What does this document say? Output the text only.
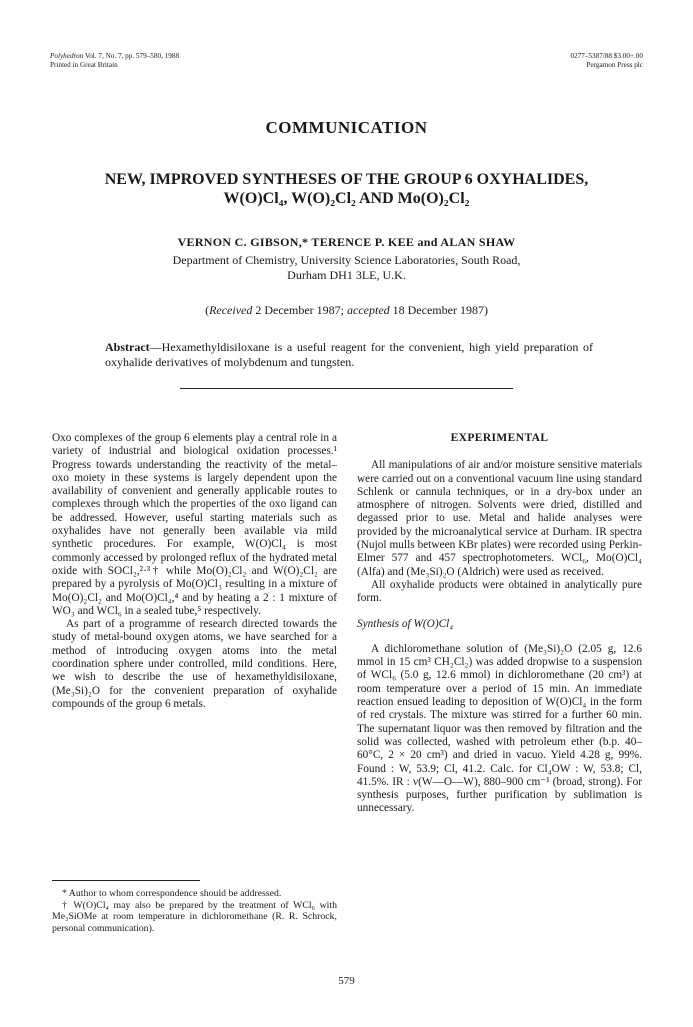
Polyhedron Vol. 7, No. 7, pp. 579–580, 1988
Printed in Great Britain
0277–5387/88 $3.00+.00
Pergamon Press plc
COMMUNICATION
NEW, IMPROVED SYNTHESES OF THE GROUP 6 OXYHALIDES,
W(O)Cl₄, W(O)₂Cl₂ AND Mo(O)₂Cl₂
VERNON C. GIBSON,* TERENCE P. KEE and ALAN SHAW
Department of Chemistry, University Science Laboratories, South Road,
Durham DH1 3LE, U.K.
(Received 2 December 1987; accepted 18 December 1987)
Abstract—Hexamethyldisiloxane is a useful reagent for the convenient, high yield preparation of oxyhalide derivatives of molybdenum and tungsten.

Oxo complexes of the group 6 elements play a central role in a variety of industrial and biological oxidation processes.¹ Progress towards understanding the reactivity of the metal–oxo moiety in these systems is largely dependent upon the availability of convenient and generally applicable routes to complexes through which the properties of the oxo ligand can be addressed. However, useful starting materials such as oxyhalides have not generally been available via mild synthetic procedures. For example, W(O)Cl₄ is most commonly accessed by prolonged reflux of the hydrated metal oxide with SOCl₂,²·³† while Mo(O)₂Cl₂ and W(O)₂Cl₂ are prepared by a pyrolysis of Mo(O)Cl₃ resulting in a mixture of Mo(O)₂Cl₂ and Mo(O)Cl₄,⁴ and by heating a 2 : 1 mixture of WO₃ and WCl₆ in a sealed tube,⁵ respectively.

As part of a programme of research directed towards the study of metal-bound oxygen atoms, we have searched for a method of introducing oxygen atoms into the metal coordination sphere under controlled, mild conditions. Here, we wish to describe the use of hexamethyldisiloxane, (Me₃Si)₂O for the convenient preparation of oxyhalide compounds of the group 6 metals.

* Author to whom correspondence should be addressed.

† W(O)Cl₄ may also be prepared by the treatment of WCl₆ with Me₃SiOMe at room temperature in dichloromethane (R. R. Schrock, personal communication).

EXPERIMENTAL

All manipulations of air and/or moisture sensitive materials were carried out on a conventional vacuum line using standard Schlenk or cannula techniques, or in a dry-box under an atmosphere of nitrogen. Solvents were dried, distilled and degassed prior to use. Metal and halide analyses were provided by the microanalytical service at Durham. IR spectra (Nujol mulls between KBr plates) were recorded using Perkin-Elmer 577 and 457 spectrophotometers. WCl₆, Mo(O)Cl₄ (Alfa) and (Me₃Si)₂O (Aldrich) were used as received.

All oxyhalide products were obtained in analytically pure form.

Synthesis of W(O)Cl₄

A dichloromethane solution of (Me₃Si)₂O (2.05 g, 12.6 mmol in 15 cm³ CH₂Cl₂) was added dropwise to a suspension of WCl₆ (5.0 g, 12.6 mmol) in dichloromethane (20 cm³) at room temperature over a period of 15 min. An immediate reaction ensued leading to deposition of W(O)Cl₄ in the form of red crystals. The mixture was stirred for a further 60 min. The supernatant liquor was then removed by filtration and the solid was collected, washed with petroleum ether (b.p. 40–60°C, 2 × 20 cm³) and dried in vacuo. Yield 4.28 g, 99%. Found : W, 53.9; Cl, 41.2. Calc. for Cl₄OW : W, 53.8; Cl, 41.5%. IR : ν(W—O—W), 880–900 cm⁻¹ (broad, strong). For synthesis purposes, further purification by sublimation is unnecessary.

579
